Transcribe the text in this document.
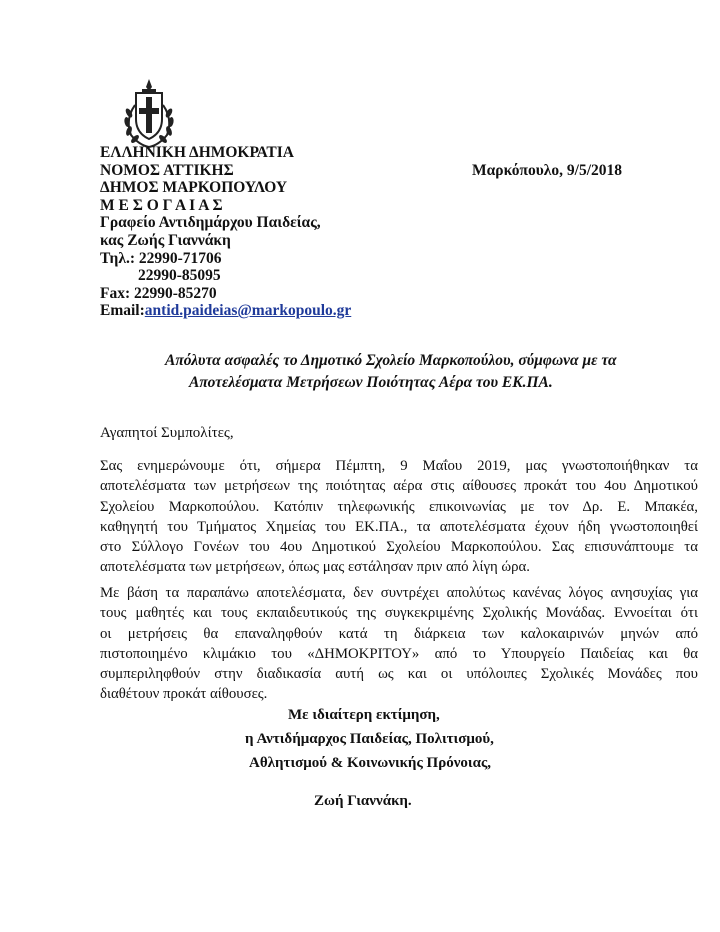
ΕΛΛΗΝΙΚΗ ΔΗΜΟΚΡΑΤΙΑ
ΝΟΜΟΣ ΑΤΤΙΚΗΣ
ΔΗΜΟΣ ΜΑΡΚΟΠΟΥΛΟΥ
Μ Ε Σ Ο Γ Α Ι Α Σ
Γραφείο Αντιδημάρχου Παιδείας,
κας Ζωής Γιαννάκη
Τηλ.: 22990-71706
22990-85095
Fax: 22990-85270
Email:antid.paideias@markopoulo.gr
Μαρκόπουλο, 9/5/2018
Απόλυτα ασφαλές το Δημοτικό Σχολείο Μαρκοπούλου, σύμφωνα με τα
Αποτελέσματα Μετρήσεων Ποιότητας Αέρα του ΕΚ.ΠΑ.
Αγαπητοί Συμπολίτες,
Σας ενημερώνουμε ότι, σήμερα Πέμπτη, 9 Μαΐου 2019, μας γνωστοποιήθηκαν τα
αποτελέσματα των μετρήσεων της ποιότητας αέρα στις αίθουσες προκάτ του 4ου Δημοτικού
Σχολείου Μαρκοπούλου. Κατόπιν τηλεφωνικής επικοινωνίας με τον Δρ. Ε. Μπακέα,
καθηγητή του Τμήματος Χημείας του ΕΚ.ΠΑ., τα αποτελέσματα έχουν ήδη γνωστοποιηθεί
στο Σύλλογο Γονέων του 4ου Δημοτικού Σχολείου Μαρκοπούλου. Σας επισυνάπτουμε τα
αποτελέσματα των μετρήσεων, όπως μας εστάλησαν πριν από λίγη ώρα.
Με βάση τα παραπάνω αποτελέσματα, δεν συντρέχει απολύτως κανένας λόγος ανησυχίας για
τους μαθητές και τους εκπαιδευτικούς της συγκεκριμένης Σχολικής Μονάδας. Εννοείται ότι
οι μετρήσεις θα επαναληφθούν κατά τη διάρκεια των καλοκαιρινών μηνών από
πιστοποιημένο κλιμάκιο του «ΔΗΜΟΚΡΙΤΟΥ» από το Υπουργείο Παιδείας και θα
συμπεριληφθούν στην διαδικασία αυτή ως και οι υπόλοιπες Σχολικές Μονάδες που
διαθέτουν προκάτ αίθουσες.
Με ιδιαίτερη εκτίμηση,
η Αντιδήμαρχος Παιδείας, Πολιτισμού,
Αθλητισμού & Κοινωνικής Πρόνοιας,
Ζωή Γιαννάκη.
